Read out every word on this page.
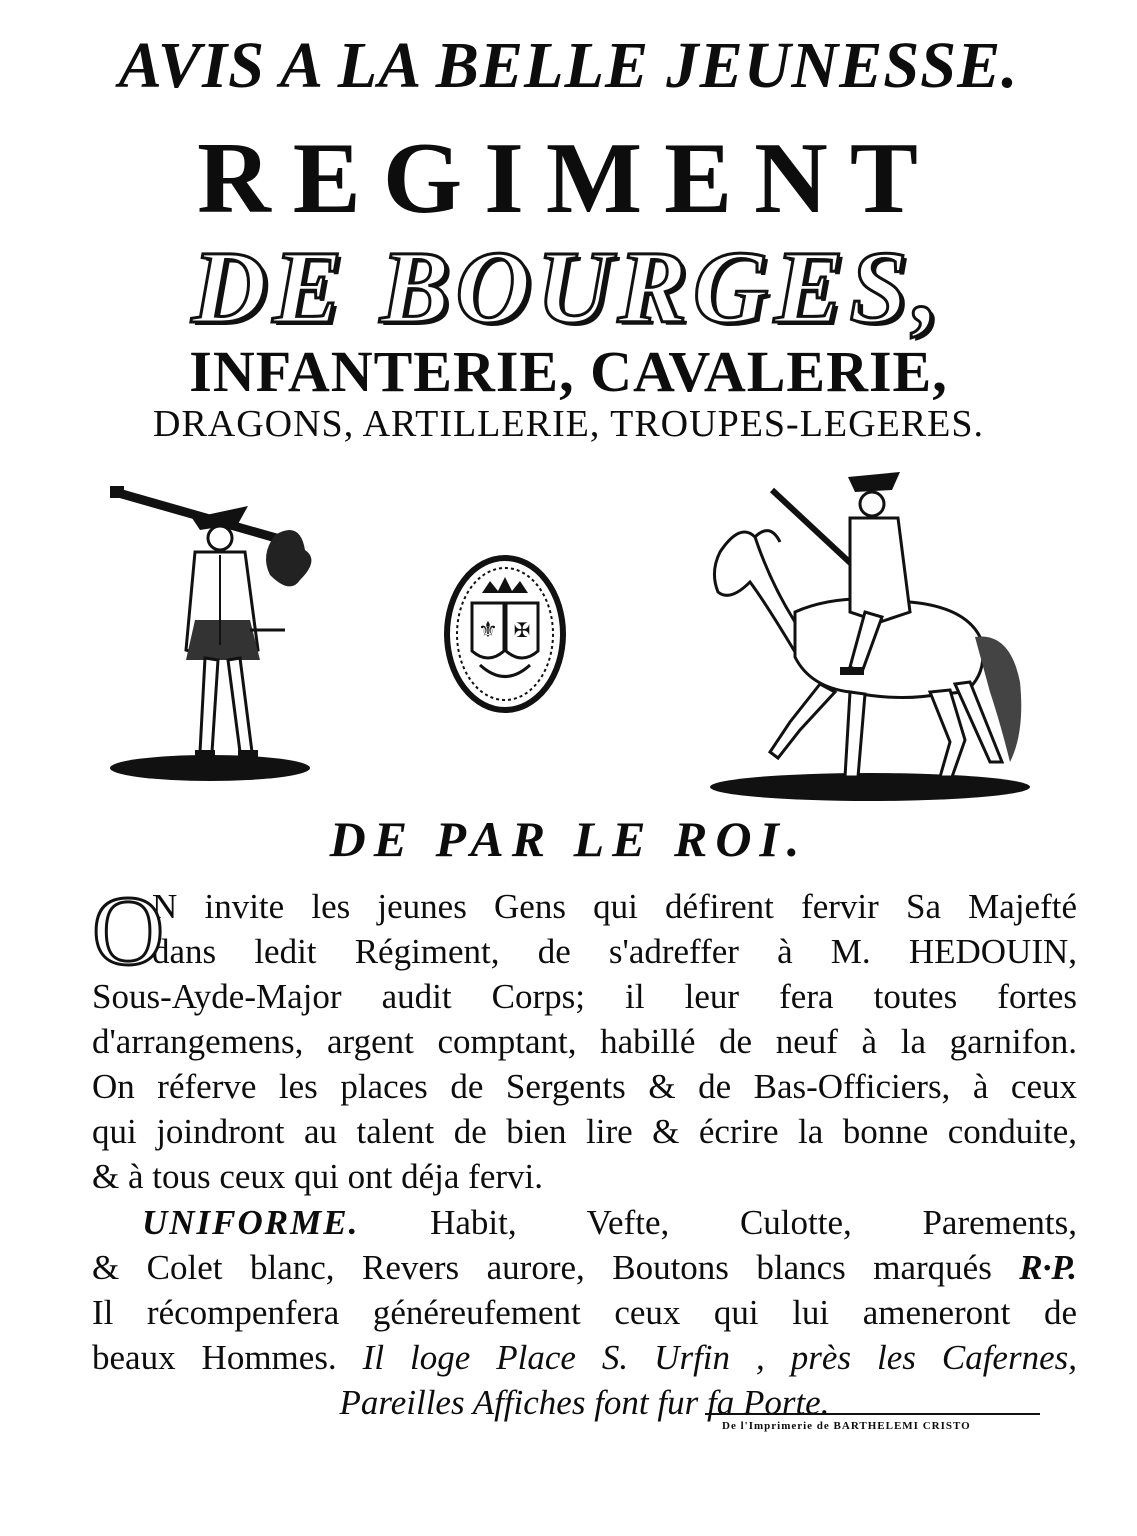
AVIS A LA BELLE JEUNESSE.
REGIMENT
DE BOURGES,
INFANTERIE, CAVALERIE,
DRAGONS, ARTILLERIE, TROUPES-LEGERES.
⚜ ✠
DE PAR LE ROI.
O
N invite les jeunes Gens qui défirent fervir Sa Majefté
dans ledit Régiment, de s'adreffer à M. HEDOUIN,
Sous-Ayde-Major audit Corps; il leur fera toutes fortes
d'arrangemens, argent comptant, habillé de neuf à la garnifon.
On réferve les places de Sergents & de Bas-Officiers, à ceux
qui joindront au talent de bien lire & écrire la bonne conduite,
& à tous ceux qui ont déja fervi.
UNIFORME. Habit, Vefte, Culotte, Parements,
& Colet blanc, Revers aurore, Boutons blancs marqués R·P.
Il récompenfera généreufement ceux qui lui ameneront de
beaux Hommes. Il loge Place S. Urfin , près les Cafernes,
Pareilles Affiches font fur fa Porte.
De l'Imprimerie de BARTHELEMI CRISTO
